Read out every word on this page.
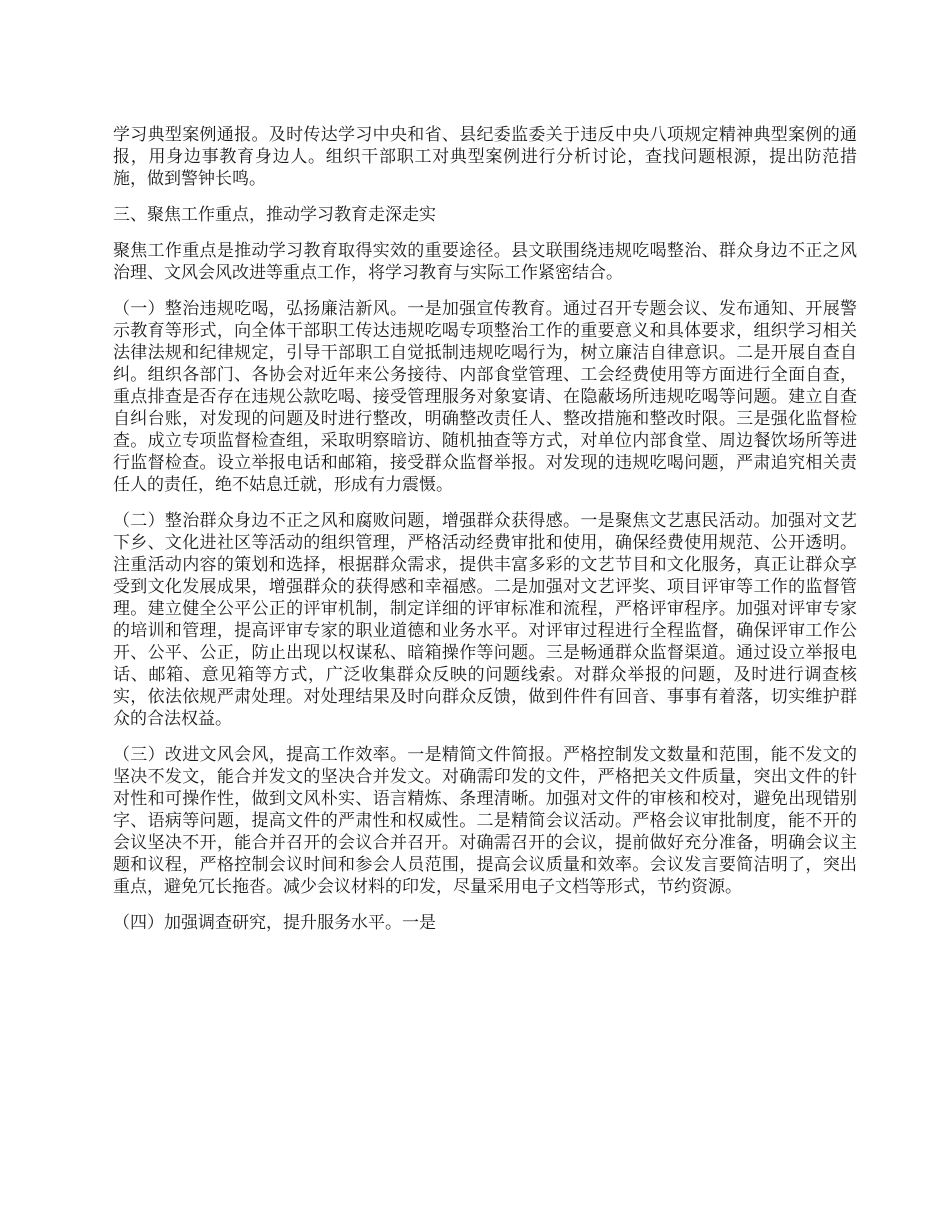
学习典型案例通报。及时传达学习中央和省、县纪委监委关于违反中央八项规定精神典型案例的通报，用身边事教育身边人。组织干部职工对典型案例进行分析讨论，查找问题根源，提出防范措施，做到警钟长鸣。

三、聚焦工作重点，推动学习教育走深走实

聚焦工作重点是推动学习教育取得实效的重要途径。县文联围绕违规吃喝整治、群众身边不正之风治理、文风会风改进等重点工作，将学习教育与实际工作紧密结合。

（一）整治违规吃喝，弘扬廉洁新风。一是加强宣传教育。通过召开专题会议、发布通知、开展警示教育等形式，向全体干部职工传达违规吃喝专项整治工作的重要意义和具体要求，组织学习相关法律法规和纪律规定，引导干部职工自觉抵制违规吃喝行为，树立廉洁自律意识。二是开展自查自纠。组织各部门、各协会对近年来公务接待、内部食堂管理、工会经费使用等方面进行全面自查，重点排查是否存在违规公款吃喝、接受管理服务对象宴请、在隐蔽场所违规吃喝等问题。建立自查自纠台账，对发现的问题及时进行整改，明确整改责任人、整改措施和整改时限。三是强化监督检查。成立专项监督检查组，采取明察暗访、随机抽查等方式，对单位内部食堂、周边餐饮场所等进行监督检查。设立举报电话和邮箱，接受群众监督举报。对发现的违规吃喝问题，严肃追究相关责任人的责任，绝不姑息迁就，形成有力震慑。

（二）整治群众身边不正之风和腐败问题，增强群众获得感。一是聚焦文艺惠民活动。加强对文艺下乡、文化进社区等活动的组织管理，严格活动经费审批和使用，确保经费使用规范、公开透明。注重活动内容的策划和选择，根据群众需求，提供丰富多彩的文艺节目和文化服务，真正让群众享受到文化发展成果，增强群众的获得感和幸福感。二是加强对文艺评奖、项目评审等工作的监督管理。建立健全公平公正的评审机制，制定详细的评审标准和流程，严格评审程序。加强对评审专家的培训和管理，提高评审专家的职业道德和业务水平。对评审过程进行全程监督，确保评审工作公开、公平、公正，防止出现以权谋私、暗箱操作等问题。三是畅通群众监督渠道。通过设立举报电话、邮箱、意见箱等方式，广泛收集群众反映的问题线索。对群众举报的问题，及时进行调查核实，依法依规严肃处理。对处理结果及时向群众反馈，做到件件有回音、事事有着落，切实维护群众的合法权益。

（三）改进文风会风，提高工作效率。一是精简文件简报。严格控制发文数量和范围，能不发文的坚决不发文，能合并发文的坚决合并发文。对确需印发的文件，严格把关文件质量，突出文件的针对性和可操作性，做到文风朴实、语言精炼、条理清晰。加强对文件的审核和校对，避免出现错别字、语病等问题，提高文件的严肃性和权威性。二是精简会议活动。严格会议审批制度，能不开的会议坚决不开，能合并召开的会议合并召开。对确需召开的会议，提前做好充分准备，明确会议主题和议程，严格控制会议时间和参会人员范围，提高会议质量和效率。会议发言要简洁明了，突出重点，避免冗长拖沓。减少会议材料的印发，尽量采用电子文档等形式，节约资源。

（四）加强调查研究，提升服务水平。一是
